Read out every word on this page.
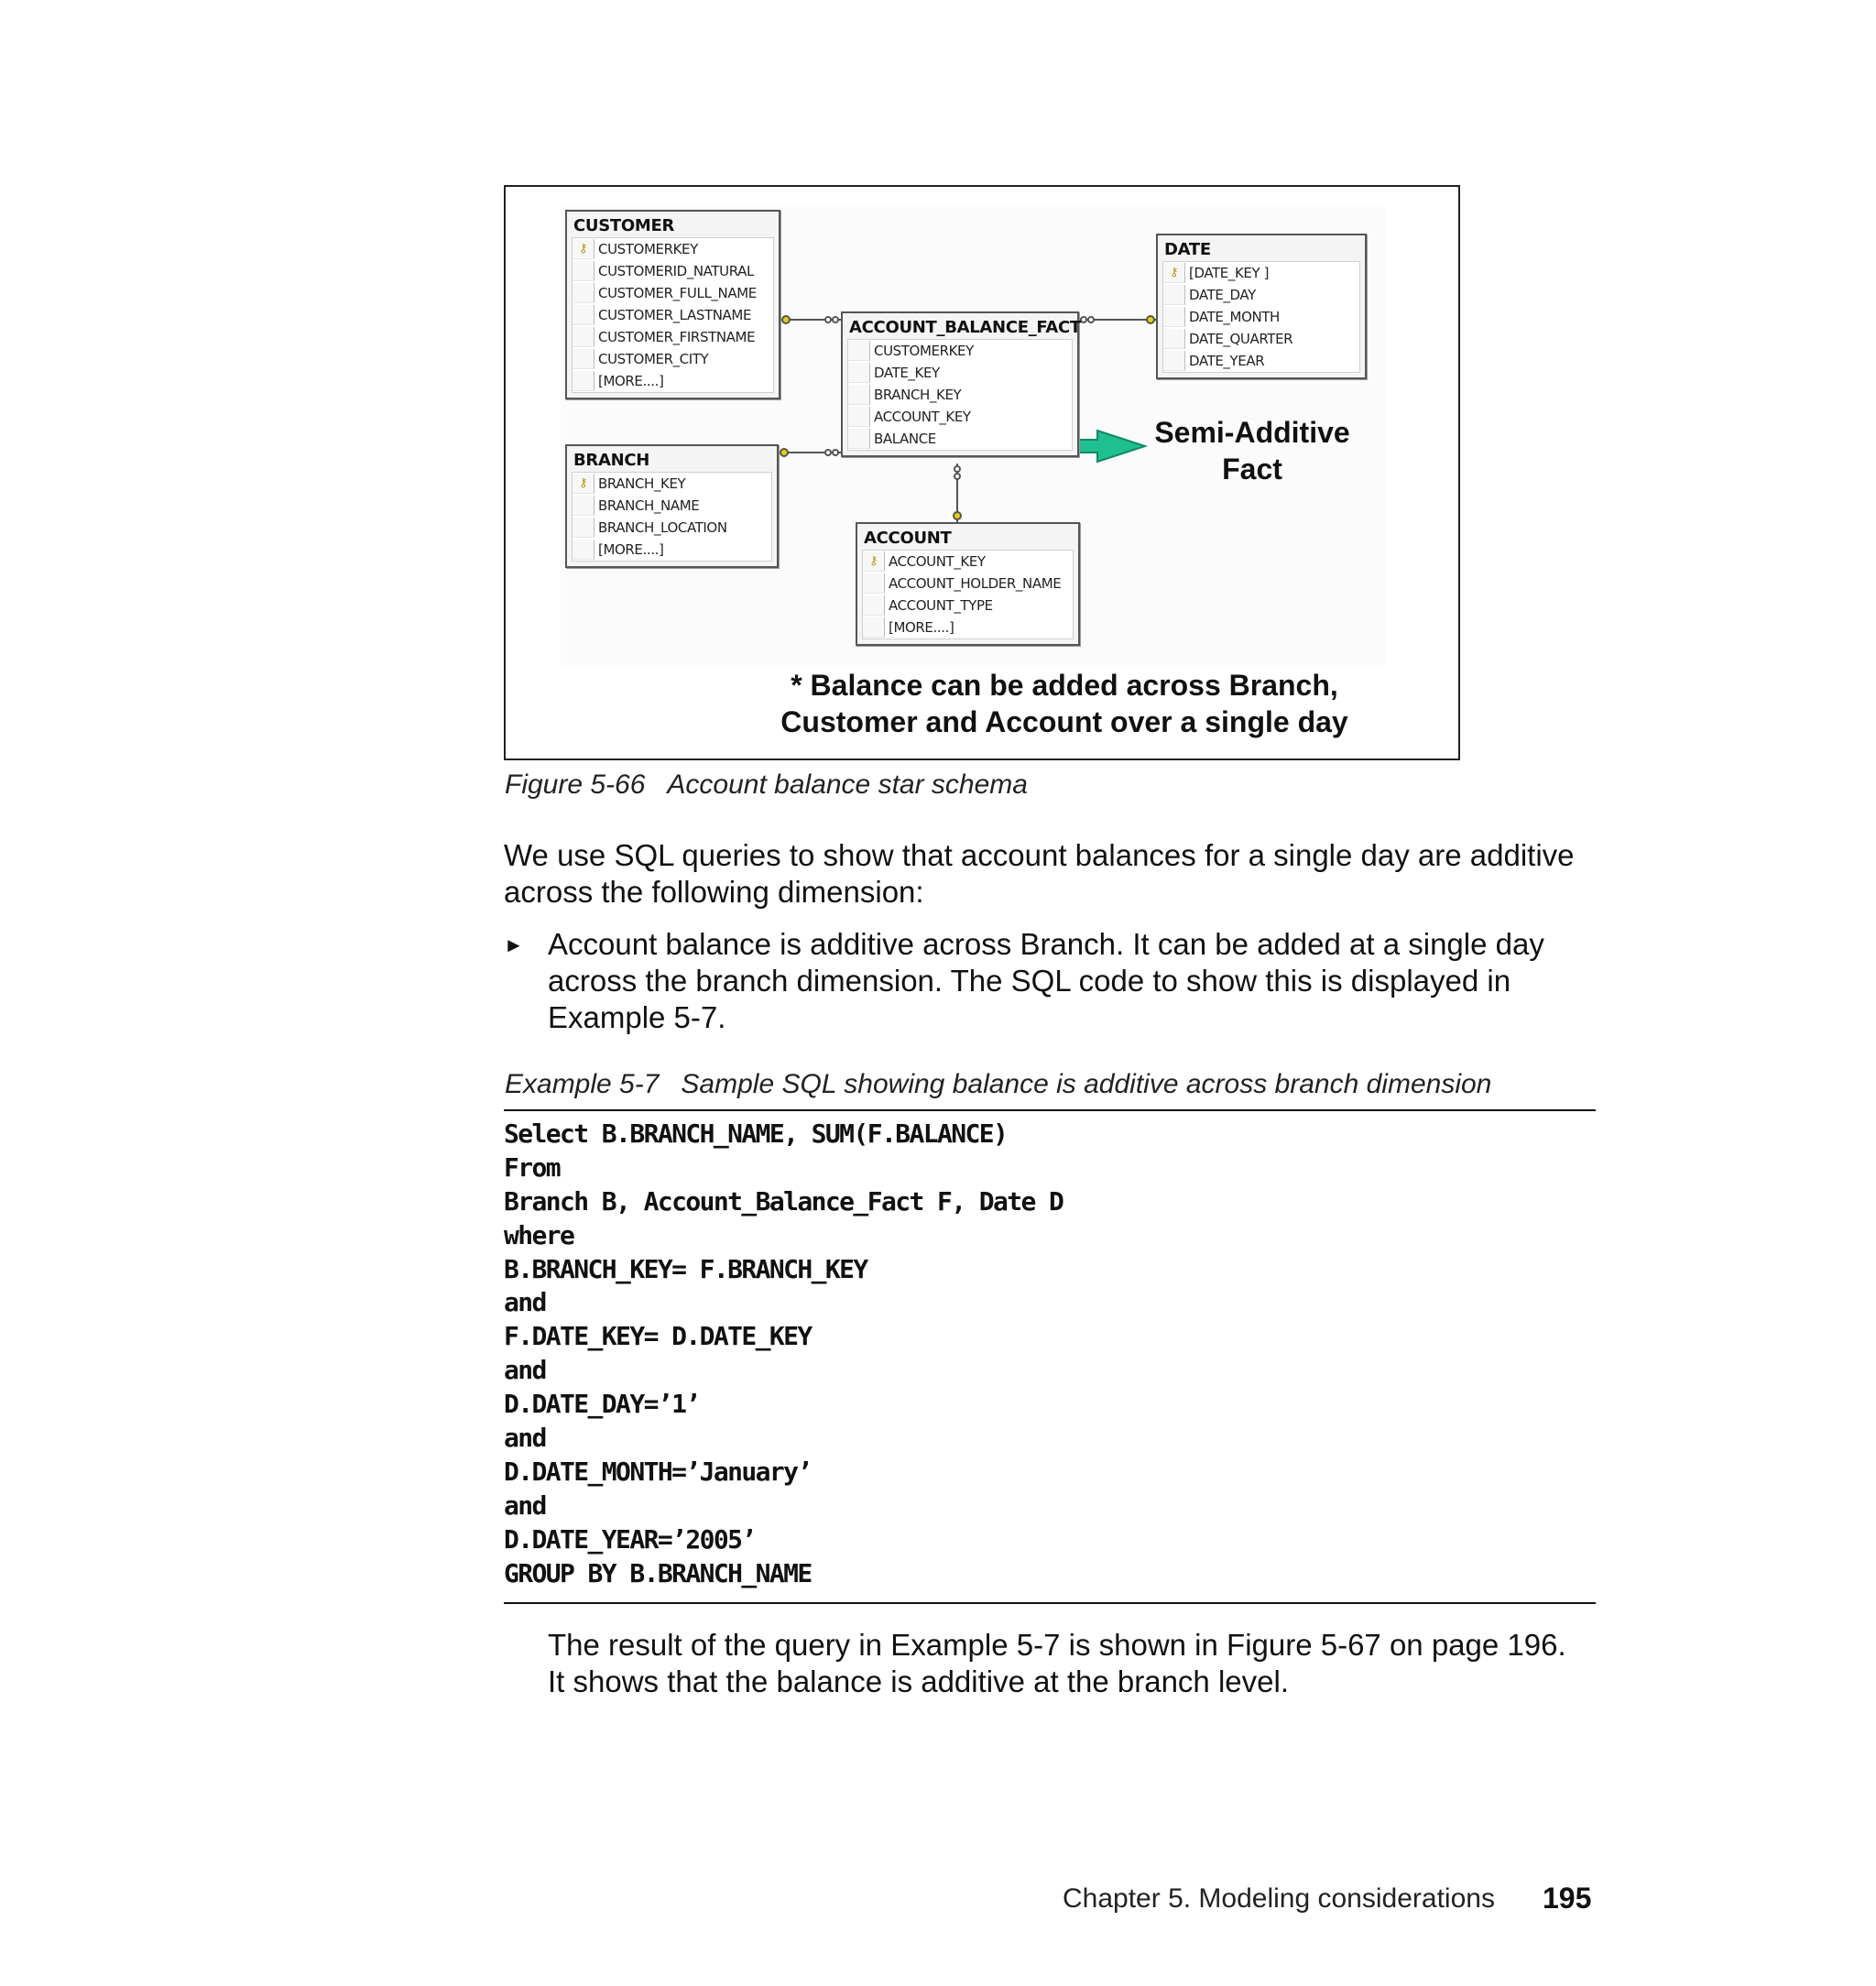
CUSTOMER
⚷ CUSTOMERKEY
CUSTOMERID_NATURAL
CUSTOMER_FULL_NAME
CUSTOMER_LASTNAME
CUSTOMER_FIRSTNAME
CUSTOMER_CITY
[MORE....]
BRANCH
⚷ BRANCH_KEY
BRANCH_NAME
BRANCH_LOCATION
[MORE....]
ACCOUNT_BALANCE_FACT
CUSTOMERKEY
DATE_KEY
BRANCH_KEY
ACCOUNT_KEY
BALANCE
DATE
⚷ [DATE_KEY ]
DATE_DAY
DATE_MONTH
DATE_QUARTER
DATE_YEAR
ACCOUNT
⚷ ACCOUNT_KEY
ACCOUNT_HOLDER_NAME
ACCOUNT_TYPE
[MORE....]
Semi-Additive
Fact
* Balance can be added across Branch,
Customer and Account over a single day
Figure 5-66 Account balance star schema
We use SQL queries to show that account balances for a single day are additive
across the following dimension:
► Account balance is additive across Branch. It can be added at a single day
across the branch dimension. The SQL code to show this is displayed in
Example 5-7.
Example 5-7 Sample SQL showing balance is additive across branch dimension
Select B.BRANCH_NAME, SUM(F.BALANCE)
From
Branch B, Account_Balance_Fact F, Date D
where
B.BRANCH_KEY= F.BRANCH_KEY
and
F.DATE_KEY= D.DATE_KEY
and
D.DATE_DAY=’1’
and
D.DATE_MONTH=’January’
and
D.DATE_YEAR=’2005’
GROUP BY B.BRANCH_NAME
The result of the query in Example 5-7 is shown in Figure 5-67 on page 196.
It shows that the balance is additive at the branch level.
Chapter 5. Modeling considerations 195
